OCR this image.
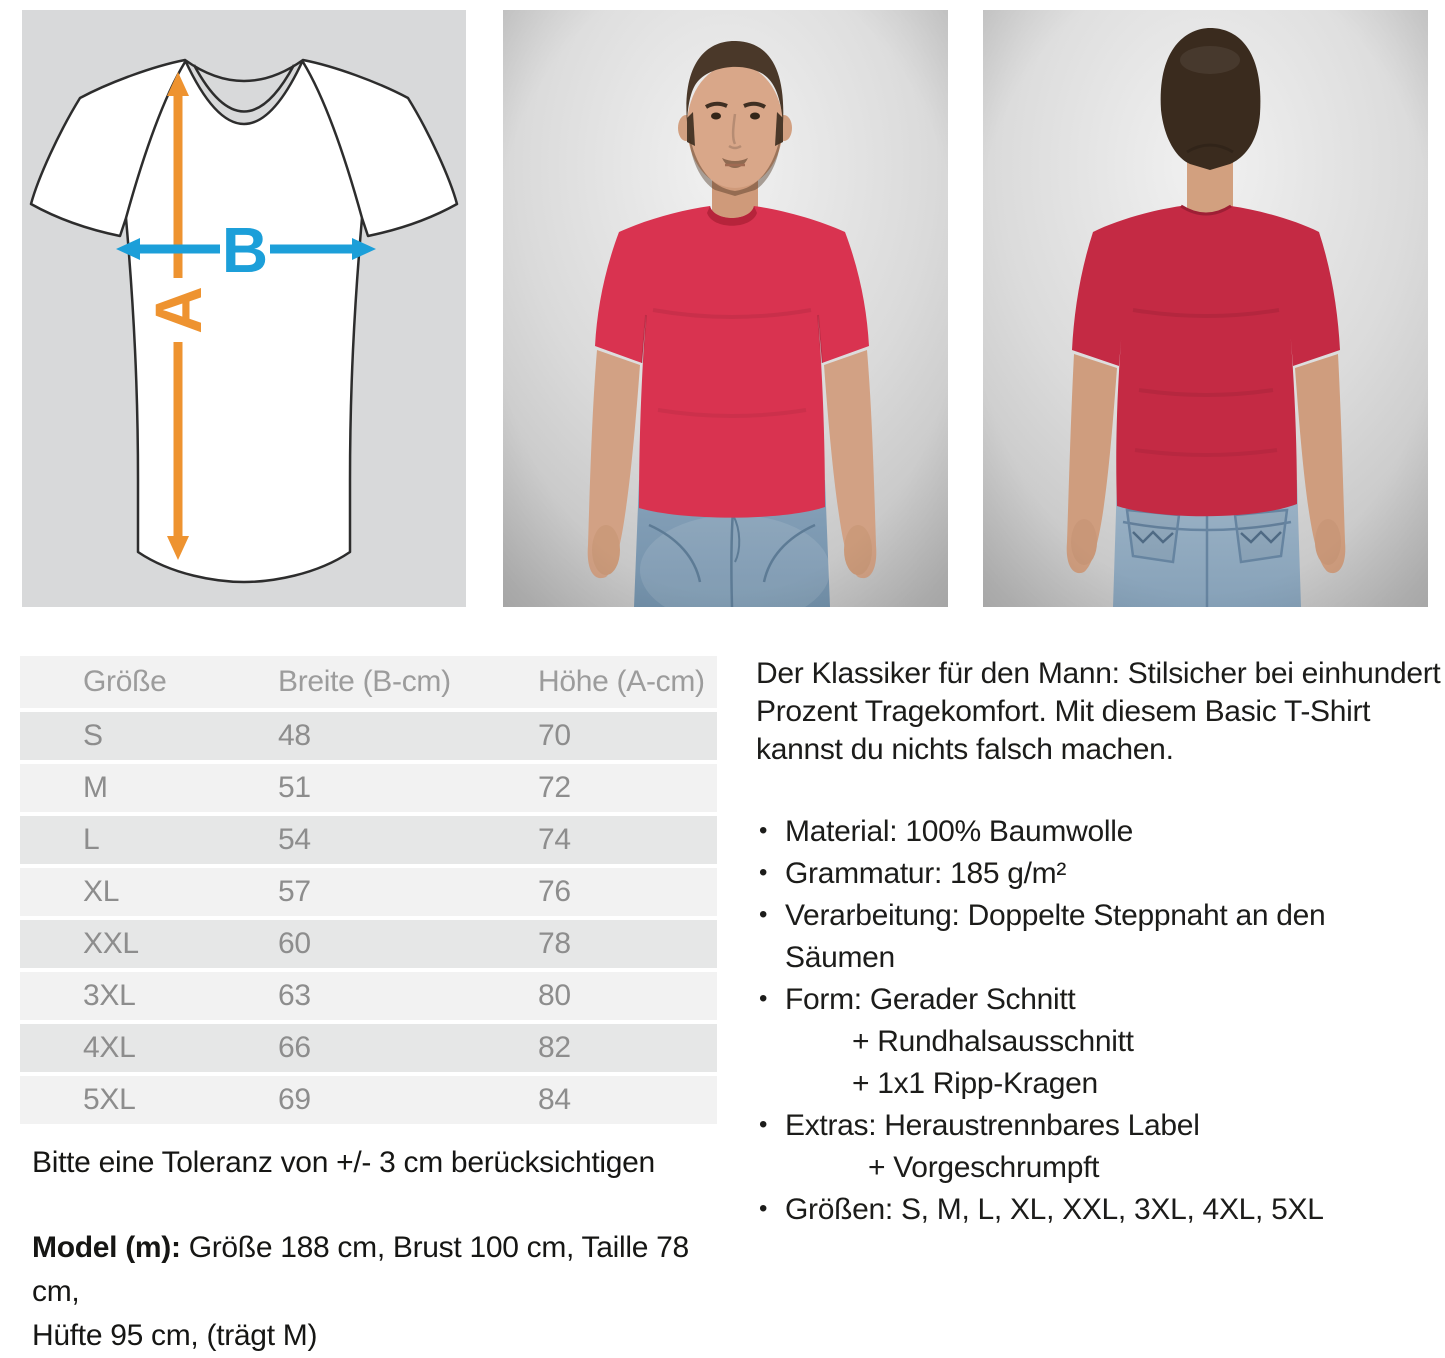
A
B
Größe	Breite (B-cm)	Höhe (A-cm)
S	48	70
M	51	72
L	54	74
XL	57	76
XXL	60	78
3XL	63	80
4XL	66	82
5XL	69	84
Bitte eine Toleranz von +/- 3 cm berücksichtigen
Model (m): Größe 188 cm, Brust 100 cm, Taille 78 cm,
Hüfte 95 cm, (trägt M)
Der Klassiker für den Mann: Stilsicher bei einhundert
Prozent Tragekomfort. Mit diesem Basic T-Shirt
kannst du nichts falsch machen.
• Material: 100% Baumwolle
• Grammatur: 185 g/m²
• Verarbeitung: Doppelte Steppnaht an den Säumen
• Form: Gerader Schnitt
+ Rundhalsausschnitt
+ 1x1 Ripp-Kragen
• Extras: Heraustrennbares Label
+ Vorgeschrumpft
• Größen: S, M, L, XL, XXL, 3XL, 4XL, 5XL
